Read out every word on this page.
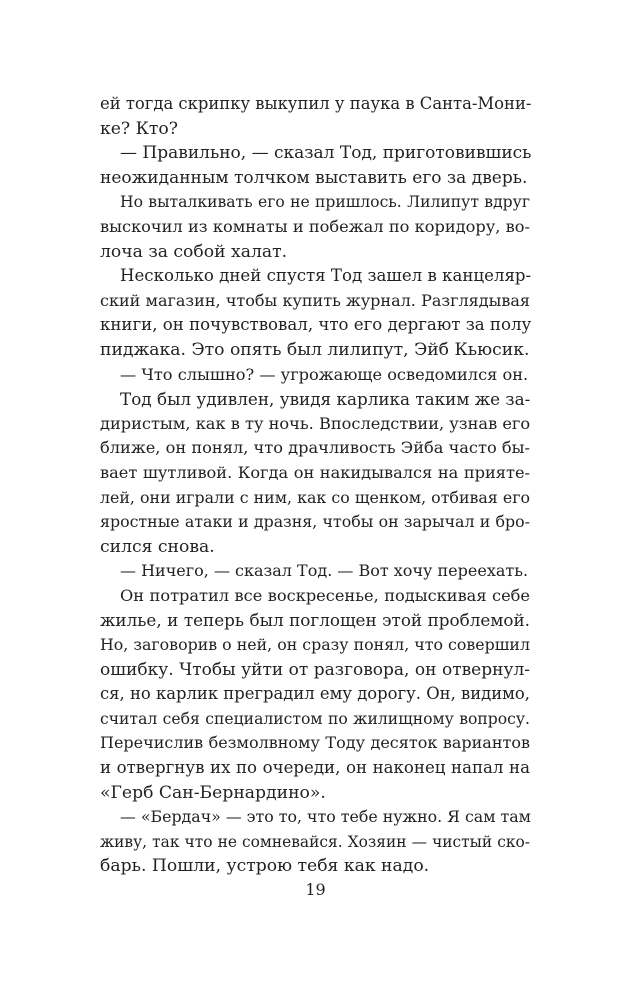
ей тогда скрипку выкупил у паука в Санта-Мони-
ке? Кто?
— Правильно, — сказал Тод, приготовившись
неожиданным толчком выставить его за дверь.
Но выталкивать его не пришлось. Лилипут вдруг
выскочил из комнаты и побежал по коридору, во-
лоча за собой халат.
Несколько дней спустя Тод зашел в канцеляр-
ский магазин, чтобы купить журнал. Разглядывая
книги, он почувствовал, что его дергают за полу
пиджака. Это опять был лилипут, Эйб Кьюсик.
— Что слышно? — угрожающе осведомился он.
Тод был удивлен, увидя карлика таким же за-
диристым, как в ту ночь. Впоследствии, узнав его
ближе, он понял, что драчливость Эйба часто бы-
вает шутливой. Когда он накидывался на прияте-
лей, они играли с ним, как со щенком, отбивая его
яростные атаки и дразня, чтобы он зарычал и бро-
сился снова.
— Ничего, — сказал Тод. — Вот хочу переехать.
Он потратил все воскресенье, подыскивая себе
жилье, и теперь был поглощен этой проблемой.
Но, заговорив о ней, он сразу понял, что совершил
ошибку. Чтобы уйти от разговора, он отвернул-
ся, но карлик преградил ему дорогу. Он, видимо,
считал себя специалистом по жилищному вопросу.
Перечислив безмолвному Тоду десяток вариантов
и отвергнув их по очереди, он наконец напал на
«Герб Сан-Бернардино».
— «Бердач» — это то, что тебе нужно. Я сам там
живу, так что не сомневайся. Хозяин — чистый ско-
барь. Пошли, устрою тебя как надо.
19
